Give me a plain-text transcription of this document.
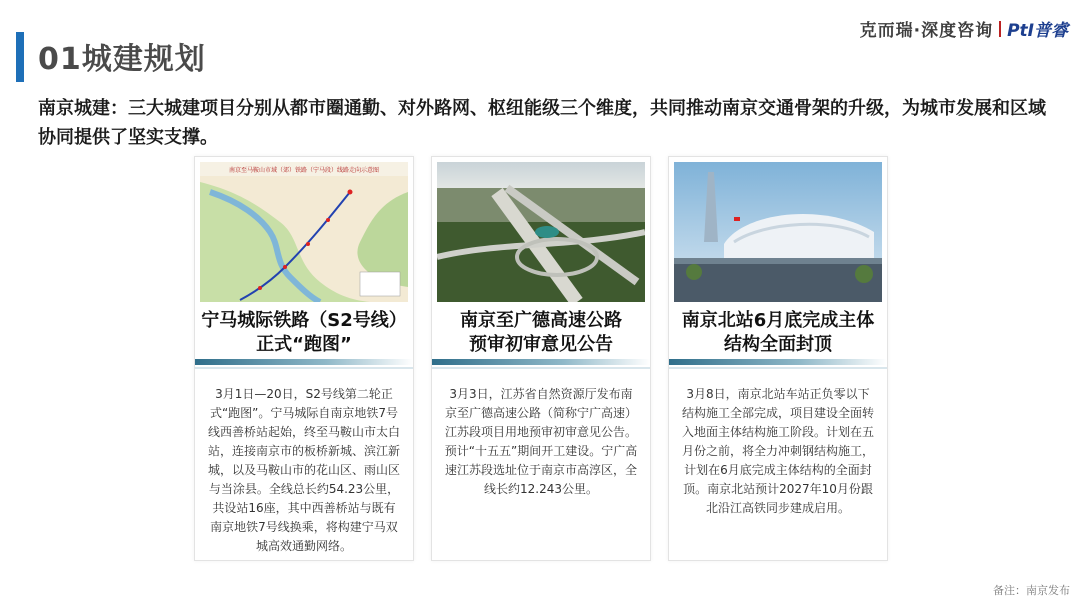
01城建规划
克而瑞·深度咨询 PtI普睿
南京城建：三大城建项目分别从都市圈通勤、对外路网、枢纽能级三个维度，共同推动南京交通骨架的升级，为城市发展和区域协同提供了坚实支撑。
南京至马鞍山市域（郊）铁路（宁马段）线路走向示意图
宁马城际铁路（S2号线）
正式“跑图”
3月1日—20日，S2号线第二轮正式“跑图”。宁马城际自南京地铁7号线西善桥站起始，终至马鞍山市太白站，连接南京市的板桥新城、滨江新城，以及马鞍山市的花山区、雨山区与当涂县。全线总长约54.23公里，共设站16座，其中西善桥站与既有南京地铁7号线换乘，将构建宁马双城高效通勤网络。
南京至广德高速公路
预审初审意见公告
3月3日，江苏省自然资源厅发布南京至广德高速公路（简称宁广高速）江苏段项目用地预审初审意见公告。预计“十五五”期间开工建设。宁广高速江苏段选址位于南京市高淳区，全线长约12.243公里。
南京北站6月底完成主体
结构全面封顶
3月8日，南京北站车站正负零以下结构施工全部完成，项目建设全面转入地面主体结构施工阶段。计划在五月份之前，将全力冲刺钢结构施工，计划在6月底完成主体结构的全面封顶。南京北站预计2027年10月份跟北沿江高铁同步建成启用。
备注：南京发布
